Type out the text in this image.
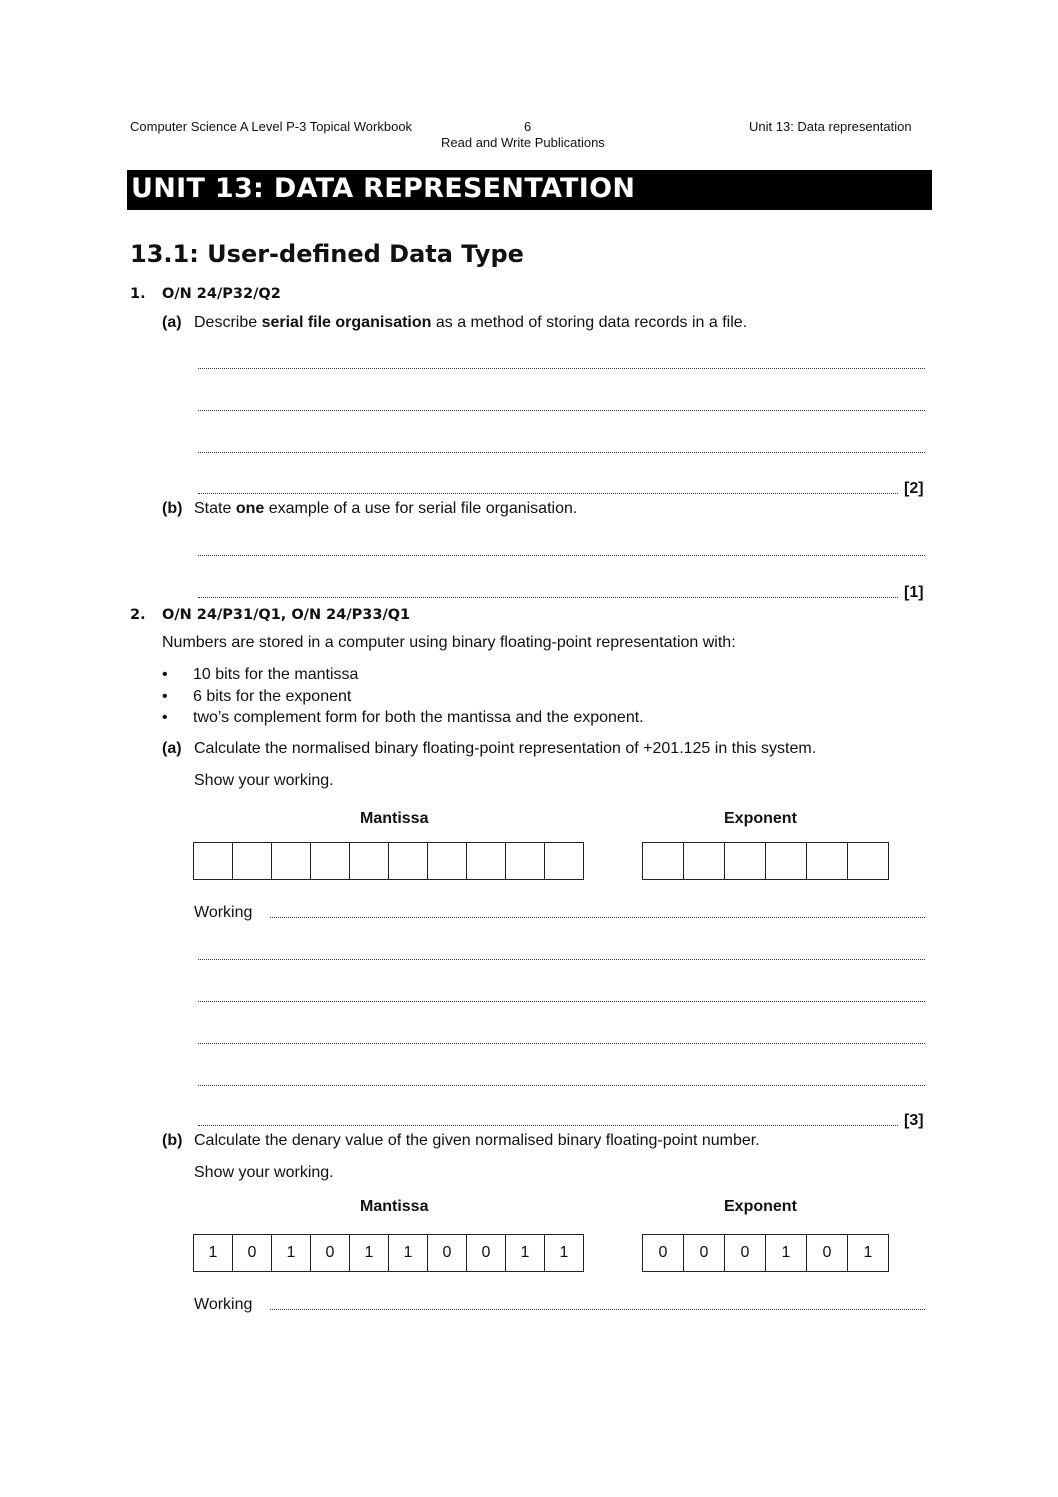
Computer Science A Level P-3 Topical Workbook	6
Read and Write Publications
Unit 13: Data representation
UNIT 13: DATA REPRESENTATION
13.1: User-defined Data Type
1. O/N 24/P32/Q2
(a) Describe serial file organisation as a method of storing data records in a file.
[2]
(b) State one example of a use for serial file organisation.
[1]
2. O/N 24/P31/Q1, O/N 24/P33/Q1
Numbers are stored in a computer using binary floating-point representation with:
• 10 bits for the mantissa
• 6 bits for the exponent
• two’s complement form for both the mantissa and the exponent.
(a) Calculate the normalised binary floating-point representation of +201.125 in this system.
Show your working.
Mantissa	Exponent
Working
[3]
(b) Calculate the denary value of the given normalised binary floating-point number.
Show your working.
Mantissa	Exponent
1	0	1	0	1	1	0	0	1	1	0	0	0	1	0	1
Working
